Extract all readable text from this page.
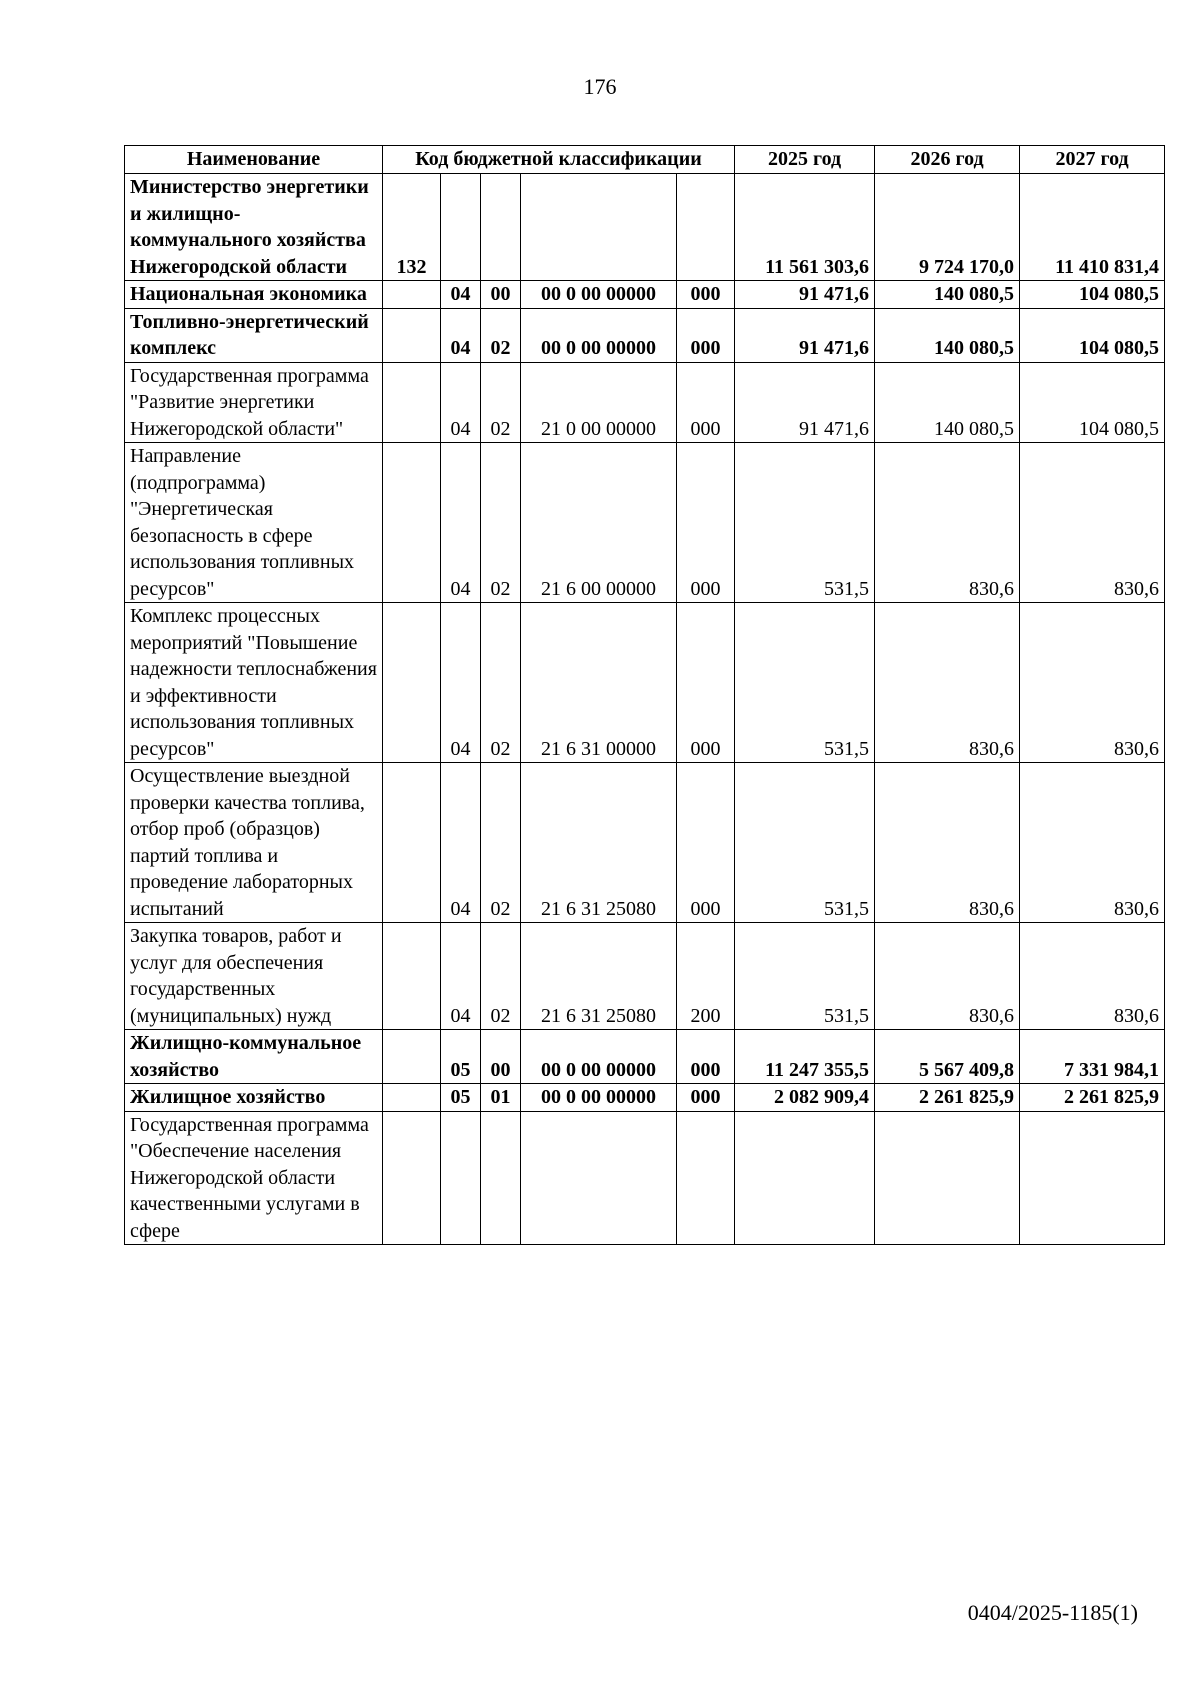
176
Наименование	Код бюджетной классификации					2025 год	2026 год	2027 год
Министерство энергетики и жилищно-коммунального хозяйства Нижегородской области	132					11 561 303,6	9 724 170,0	11 410 831,4
Национальная экономика		04	00	00 0 00 00000	000	91 471,6	140 080,5	104 080,5
Топливно-энергетический комплекс		04	02	00 0 00 00000	000	91 471,6	140 080,5	104 080,5
Государственная программа "Развитие энергетики Нижегородской области"		04	02	21 0 00 00000	000	91 471,6	140 080,5	104 080,5
Направление (подпрограмма) "Энергетическая безопасность в сфере использования топливных ресурсов"		04	02	21 6 00 00000	000	531,5	830,6	830,6
Комплекс процессных мероприятий "Повышение надежности теплоснабжения и эффективности использования топливных ресурсов"		04	02	21 6 31 00000	000	531,5	830,6	830,6
Осуществление выездной проверки качества топлива, отбор проб (образцов) партий топлива и проведение лабораторных испытаний		04	02	21 6 31 25080	000	531,5	830,6	830,6
Закупка товаров, работ и услуг для обеспечения государственных (муниципальных) нужд		04	02	21 6 31 25080	200	531,5	830,6	830,6
Жилищно-коммунальное хозяйство		05	00	00 0 00 00000	000	11 247 355,5	5 567 409,8	7 331 984,1
Жилищное хозяйство		05	01	00 0 00 00000	000	2 082 909,4	2 261 825,9	2 261 825,9
Государственная программа "Обеспечение населения Нижегородской области качественными услугами в сфере								
0404/2025-1185(1)
